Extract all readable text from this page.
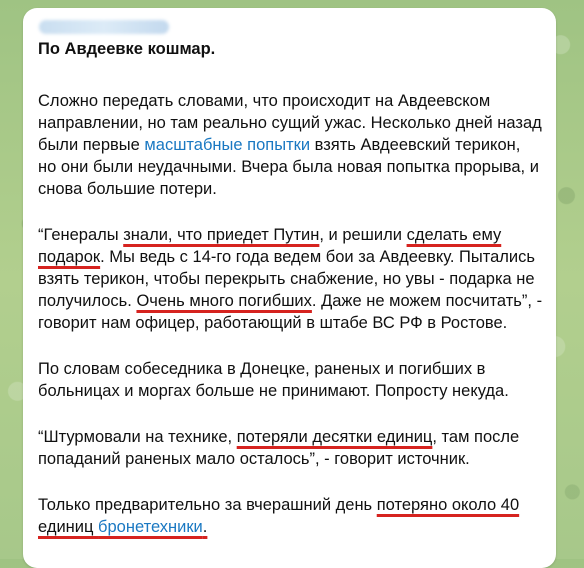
По Авдеевке кошмар.

Сложно передать словами, что происходит на Авдеевском направлении, но там реально сущий ужас. Несколько дней назад были первые масштабные попытки взять Авдеевский терикон, но они были неудачными. Вчера была новая попытка прорыва, и снова большие потери.

“Генералы знали, что приедет Путин, и решили сделать ему подарок. Мы ведь с 14-го года ведем бои за Авдеевку. Пытались взять терикон, чтобы перекрыть снабжение, но увы - подарка не получилось. Очень много погибших. Даже не можем посчитать”, - говорит нам офицер, работающий в штабе ВС РФ в Ростове.

По словам собеседника в Донецке, раненых и погибших в больницах и моргах больше не принимают. Попросту некуда.

“Штурмовали на технике, потеряли десятки единиц, там после попаданий раненых мало осталось”, - говорит источник.

Только предварительно за вчерашний день потеряно около 40 единиц бронетехники.
